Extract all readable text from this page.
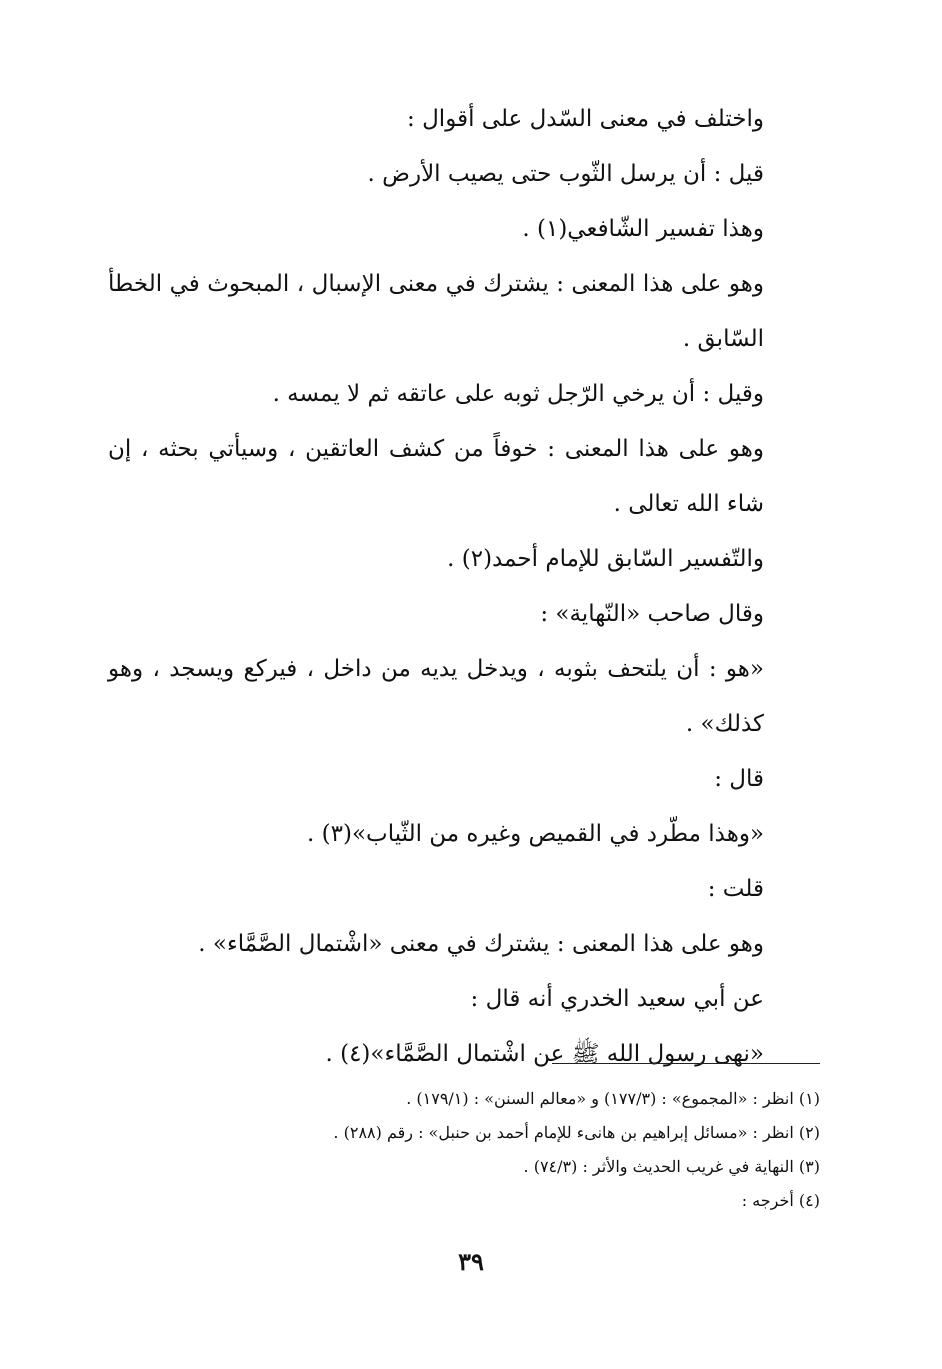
واختلف في معنى السّدل على أقوال :

قيل : أن يرسل الثّوب حتى يصيب الأرض .

وهذا تفسير الشّافعي(١) .

وهو على هذا المعنى : يشترك في معنى الإسبال ، المبحوث في الخطأ السّابق .

وقيل : أن يرخي الرّجل ثوبه على عاتقه ثم لا يمسه .

وهو على هذا المعنى : خوفاً من كشف العاتقين ، وسيأتي بحثه ، إن شاء الله تعالى .

والتّفسير السّابق للإمام أحمد(٢) .

وقال صاحب «النّهاية» :

«هو : أن يلتحف بثوبه ، ويدخل يديه من داخل ، فيركع ويسجد ، وهو كذلك» .

قال :

«وهذا مطّرد في القميص وغيره من الثّياب»(٣) .

قلت :

وهو على هذا المعنى : يشترك في معنى «اشْتمال الصَّمَّاء» .

عن أبي سعيد الخدري أنه قال :

«نهى رسول الله ﷺ عن اشْتمال الصَّمَّاء»(٤) .

(١) انظر : «المجموع» : (١٧٧/٣) و «معالم السنن» : (١٧٩/١) .

(٢) انظر : «مسائل إبراهيم بن هانىء للإمام أحمد بن حنبل» : رقم (٢٨٨) .

(٣) النهاية في غريب الحديث والأثر : (٧٤/٣) .

(٤) أخرجه :

٣٩
